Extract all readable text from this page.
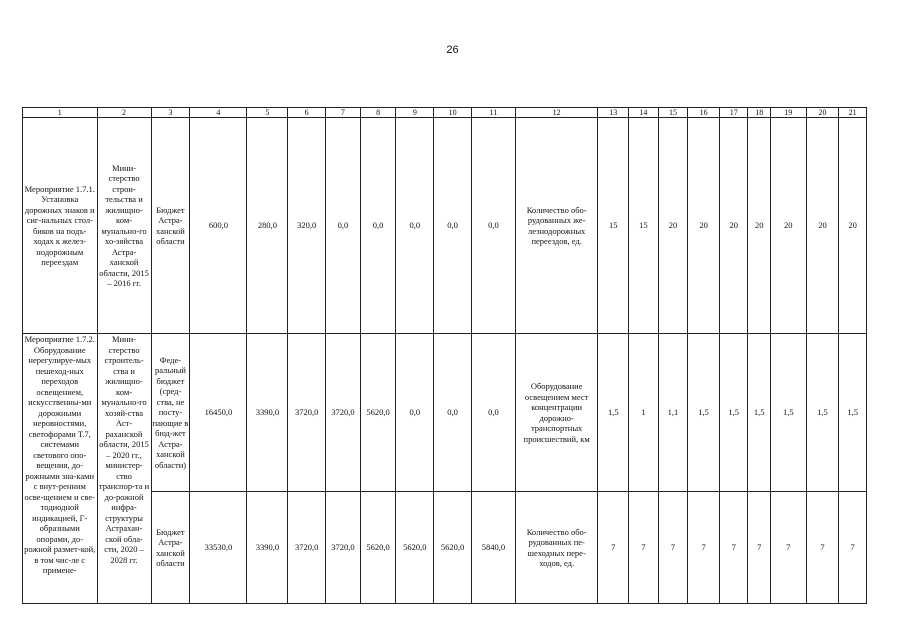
26
1	2	3	4	5	6	7	8	9	10	11	12	13	14	15	16	17	18	19	20	21
Мероприятие 1.7.1. Установка дорожных знаков и сиг-нальных стол-биков на подъ-ходах к желез-нодорожным переездам	Мини-стерство строи-тельства и жилищно-ком-мунально-го хо-зяйства Астра-ханской области, 2015 – 2016 гг.	Бюджет Астра-ханской области	600,0	280,0	320,0	0,0	0,0	0,0	0,0	0,0	Количество обо-рудованных же-лезнодорожных переездов, ед.	15	15	20	20	20	20	20	20	20
Мероприятие 1.7.2. Оборудование нерегулируе-мых пешеход-ных переходов освещением, искусственны-ми дорожными неровностями, светофорами Т.7, системами светового опо-вещения, до-рожными зна-ками с внут-ренним осве-щением и све-тодиодной индикацией, Г-образными опорами, до-рожной размет-кой, в том чис-ле с примене-	Мини-стерство строитель-ства и жилищно-ком-мунально-го хозяй-ства Аст-раханской области, 2015 – 2020 гг., министер-ство транспор-та и до-рожной инфра-структуры Астрахан-ской обла-сти, 2020 – 2028 гг.	Феде-ральный бюджет (сред-ства, не посту-пающие в бюд-жет Астра-ханской области)	16450,0	3390,0	3720,0	3720,0	5620,0	0,0	0,0	0,0	Оборудование освещением мест концентрации дорожно-транспортных происшествий, км	1,5	1	1,1	1,5	1,5	1,5	1,5	1,5	1,5
		Бюджет Астра-ханской области	33530,0	3390,0	3720,0	3720,0	5620,0	5620,0	5620,0	5840,0	Количество обо-рудованных пе-шеходных пере-ходов, ед.	7	7	7	7	7	7	7	7	7
